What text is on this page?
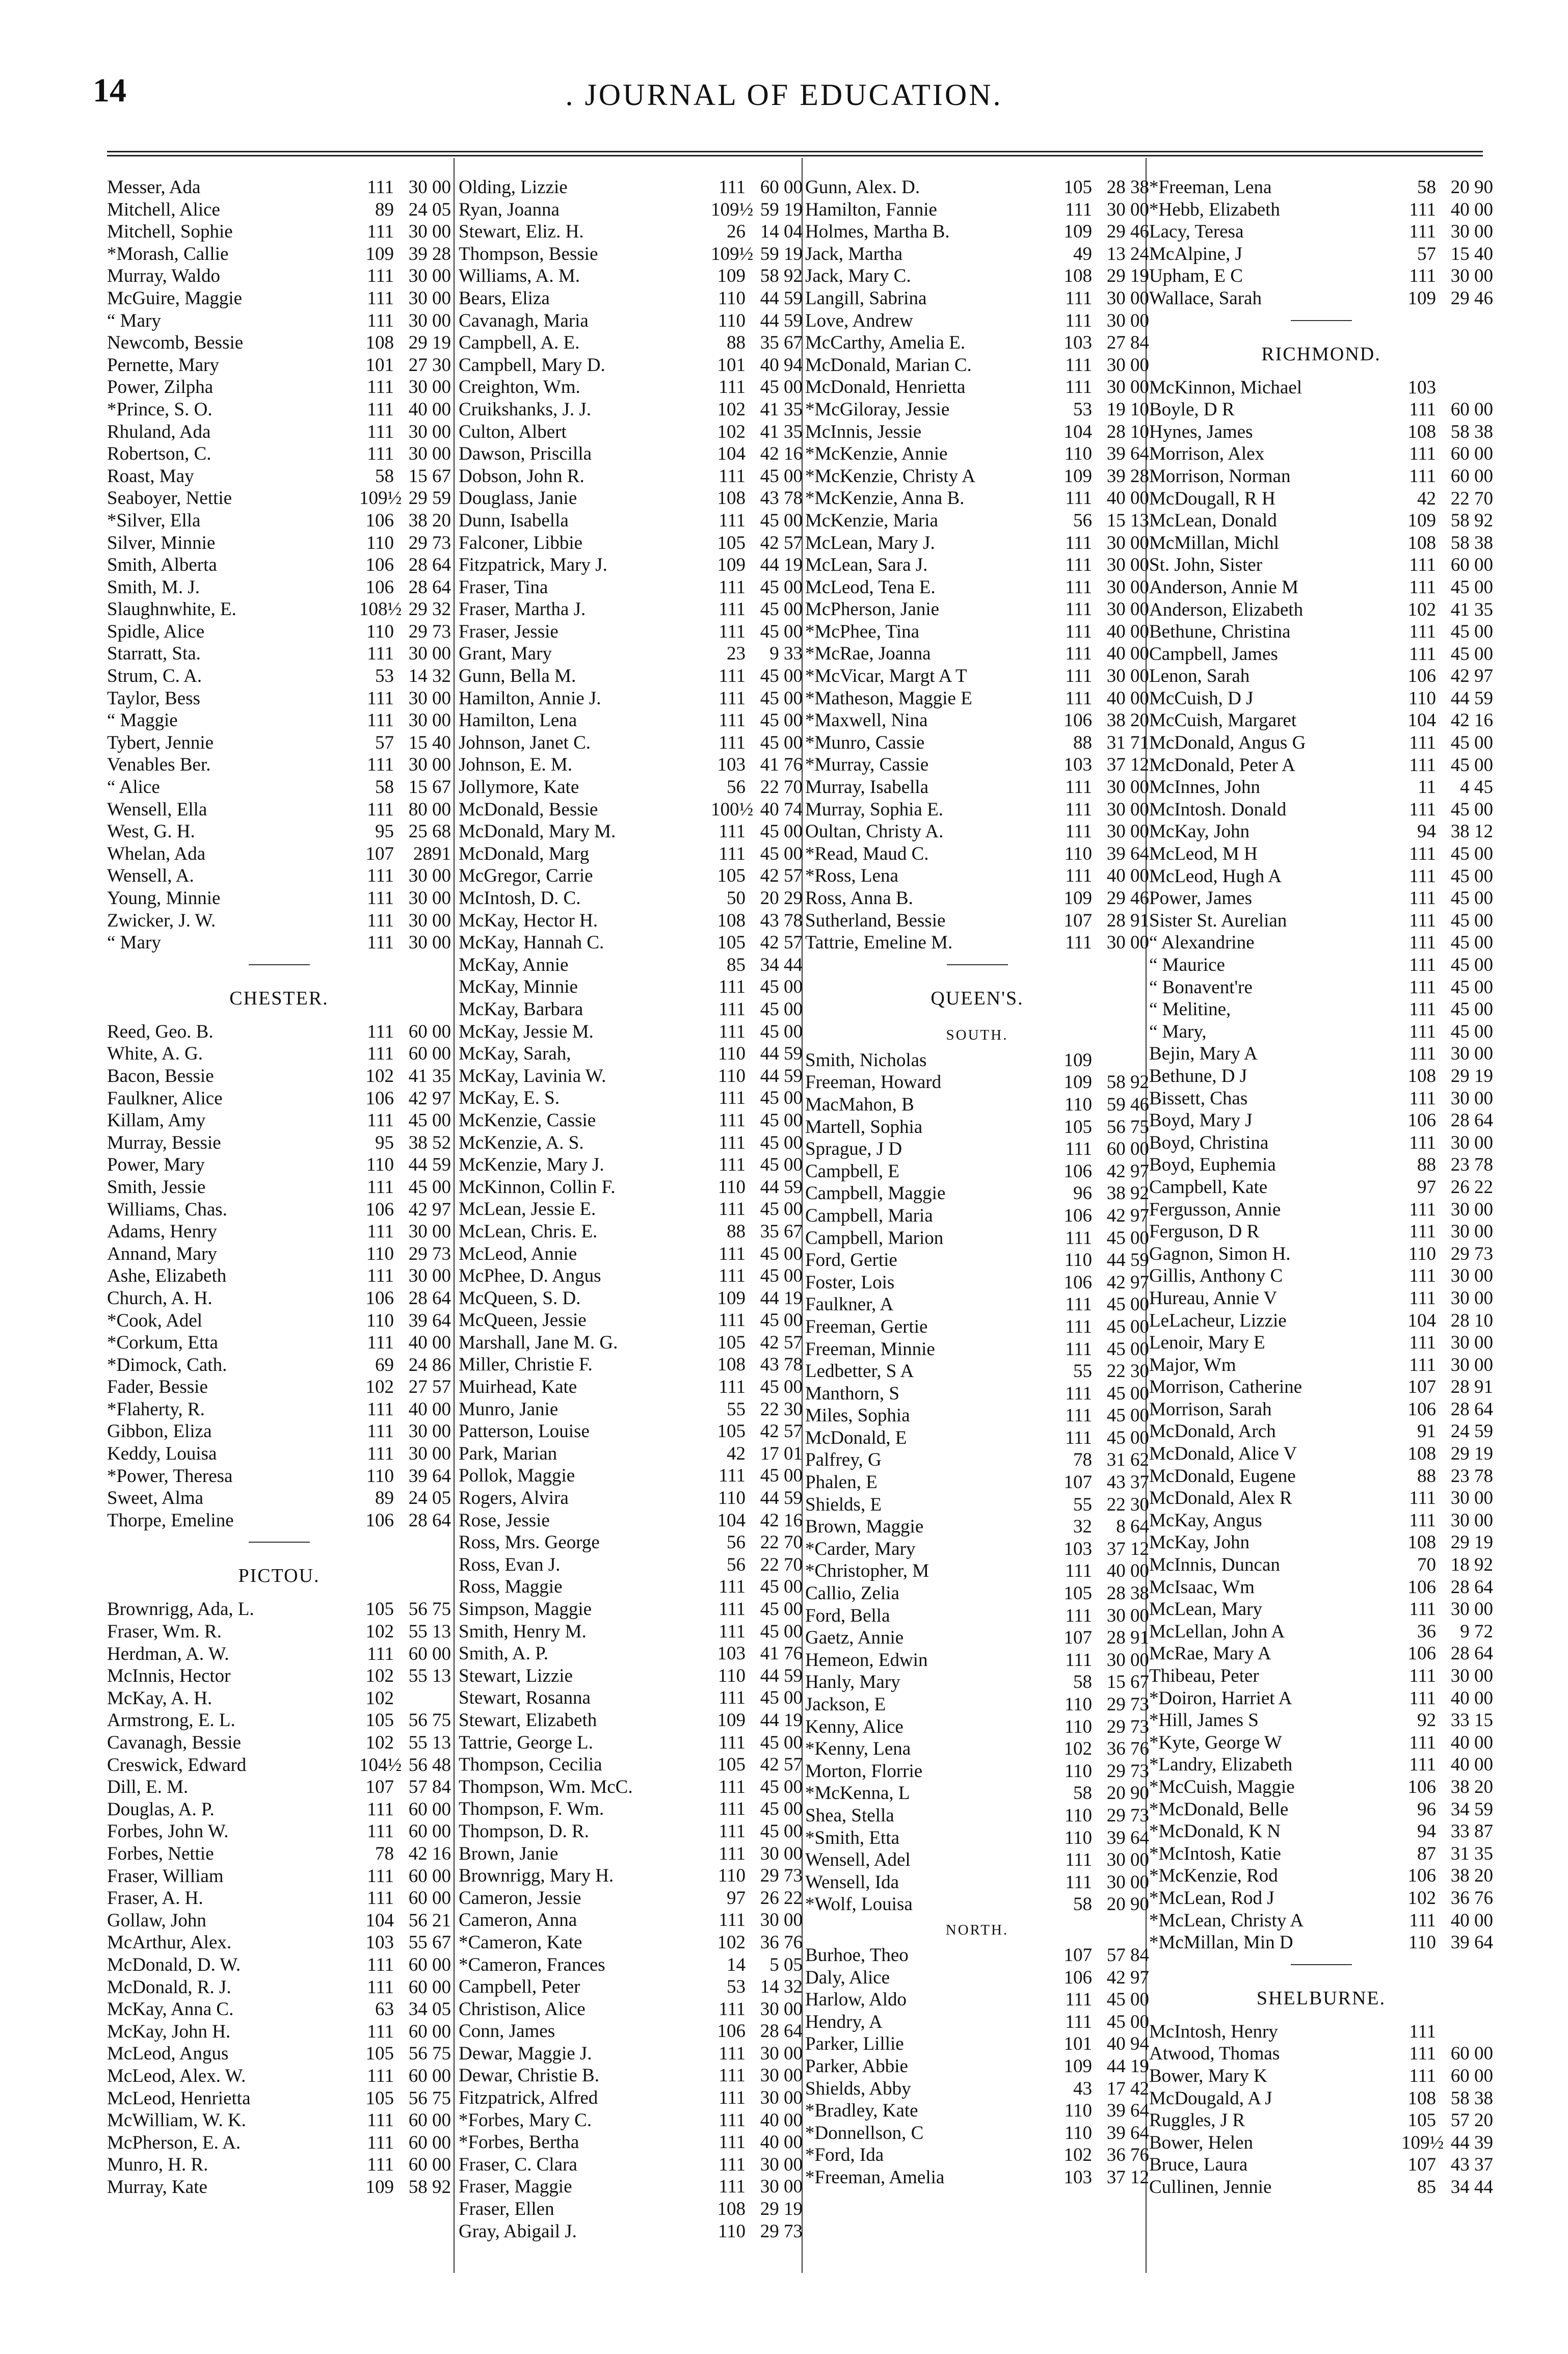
14	. JOURNAL OF EDUCATION.
Messer, Ada	111 30 00
Mitchell, Alice	89 24 05
Mitchell, Sophie	111 30 00
*Morash, Callie	109 39 28
Murray, Waldo	111 30 00
McGuire, Maggie	111 30 00
“ Mary	111 30 00
Newcomb, Bessie	108 29 19
Pernette, Mary	101 27 30
Power, Zilpha	111 30 00
*Prince, S. O.	111 40 00
Rhuland, Ada	111 30 00
Robertson, C.	111 30 00
Roast, May	58 15 67
Seaboyer, Nettie	109½ 29 59
*Silver, Ella	106 38 20
Silver, Minnie	110 29 73
Smith, Alberta	106 28 64
Smith, M. J.	106 28 64
Slaughnwhite, E.	108½ 29 32
Spidle, Alice	110 29 73
Starratt, Sta.	111 30 00
Strum, C. A.	53 14 32
Taylor, Bess	111 30 00
“ Maggie	111 30 00
Tybert, Jennie	57 15 40
Venables Ber.	111 30 00
“ Alice	58 15 67
Wensell, Ella	111 80 00
West, G. H.	95 25 68
Whelan, Ada	107	2891
Wensell, A.	111 30 00
Young, Minnie	111 30 00
Zwicker, J. W.	111 30 00
“ Mary	111 30 00
CHESTER.
Reed, Geo. B.	111 60 00
White, A. G.	111 60 00
Bacon, Bessie	102 41 35
Faulkner, Alice	106 42 97
Killam, Amy	111 45 00
Murray, Bessie	95 38 52
Power, Mary	110 44 59
Smith, Jessie	111 45 00
Williams, Chas.	106 42 97
Adams, Henry	111 30 00
Annand, Mary	110 29 73
Ashe, Elizabeth	111 30 00
Church, A. H.	106 28 64
*Cook, Adel	110 39 64
*Corkum, Etta	111 40 00
*Dimock, Cath.	69 24 86
Fader, Bessie	102 27 57
*Flaherty, R.	111 40 00
Gibbon, Eliza	111 30 00
Keddy, Louisa	111 30 00
*Power, Theresa	110 39 64
Sweet, Alma	89 24 05
Thorpe, Emeline	106 28 64
PICTOU.
Brownrigg, Ada, L.	105 56 75
Fraser, Wm. R.	102 55 13
Herdman, A. W.	111 60 00
McInnis, Hector	102 55 13
McKay, A. H.	102
Armstrong, E. L.	105 56 75
Cavanagh, Bessie	102 55 13
Creswick, Edward	104½ 56 48
Dill, E. M.	107 57 84
Douglas, A. P.	111 60 00
Forbes, John W.	111 60 00
Forbes, Nettie	78 42 16
Fraser, William	111 60 00
Fraser, A. H.	111 60 00
Gollaw, John	104 56 21
McArthur, Alex.	103 55 67
McDonald, D. W.	111 60 00
McDonald, R. J.	111 60 00
McKay, Anna C.	63 34 05
McKay, John H.	111 60 00
McLeod, Angus	105 56 75
McLeod, Alex. W.	111 60 00
McLeod, Henrietta	105 56 75
McWilliam, W. K.	111 60 00
McPherson, E. A.	111 60 00
Munro, H. R.	111 60 00
Murray, Kate	109 58 92
Olding, Lizzie	111 60 00
Ryan, Joanna	109½ 59 19
Stewart, Eliz. H.	26 14 04
Thompson, Bessie	109½ 59 19
Williams, A. M.	109 58 92
Bears, Eliza	110 44 59
Cavanagh, Maria	110 44 59
Campbell, A. E.	88 35 67
Campbell, Mary D.	101 40 94
Creighton, Wm.	111 45 00
Cruikshanks, J. J.	102 41 35
Culton, Albert	102 41 35
Dawson, Priscilla	104 42 16
Dobson, John R.	111 45 00
Douglass, Janie	108 43 78
Dunn, Isabella	111 45 00
Falconer, Libbie	105 42 57
Fitzpatrick, Mary J.	109 44 19
Fraser, Tina	111 45 00
Fraser, Martha J.	111 45 00
Fraser, Jessie	111 45 00
Grant, Mary	23	9 33
Gunn, Bella M.	111 45 00
Hamilton, Annie J.	111 45 00
Hamilton, Lena	111 45 00
Johnson, Janet C.	111 45 00
Johnson, E. M.	103 41 76
Jollymore, Kate	56 22 70
McDonald, Bessie	100½ 40 74
McDonald, Mary M.	111 45 00
McDonald, Marg	111 45 00
McGregor, Carrie	105 42 57
McIntosh, D. C.	50 20 29
McKay, Hector H.	108 43 78
McKay, Hannah C.	105 42 57
McKay, Annie	85 34 44
McKay, Minnie	111 45 00
McKay, Barbara	111 45 00
McKay, Jessie M.	111 45 00
McKay, Sarah,	110 44 59
McKay, Lavinia W.	110 44 59
McKay, E. S.	111 45 00
McKenzie, Cassie	111 45 00
McKenzie, A. S.	111 45 00
McKenzie, Mary J.	111 45 00
McKinnon, Collin F.	110 44 59
McLean, Jessie E.	111 45 00
McLean, Chris. E.	88 35 67
McLeod, Annie	111 45 00
McPhee, D. Angus	111 45 00
McQueen, S. D.	109 44 19
McQueen, Jessie	111 45 00
Marshall, Jane M. G.	105 42 57
Miller, Christie F.	108 43 78
Muirhead, Kate	111 45 00
Munro, Janie	55 22 30
Patterson, Louise	105 42 57
Park, Marian	42 17 01
Pollok, Maggie	111 45 00
Rogers, Alvira	110 44 59
Rose, Jessie	104 42 16
Ross, Mrs. George	56 22 70
Ross, Evan J.	56 22 70
Ross, Maggie	111 45 00
Simpson, Maggie	111 45 00
Smith, Henry M.	111 45 00
Smith, A. P.	103 41 76
Stewart, Lizzie	110 44 59
Stewart, Rosanna	111 45 00
Stewart, Elizabeth	109 44 19
Tattrie, George L.	111 45 00
Thompson, Cecilia	105 42 57
Thompson, Wm. McC.	111 45 00
Thompson, F. Wm.	111 45 00
Thompson, D. R.	111 45 00
Brown, Janie	111 30 00
Brownrigg, Mary H.	110 29 73
Cameron, Jessie	97 26 22
Cameron, Anna	111 30 00
*Cameron, Kate	102 36 76
*Cameron, Frances	14	5 05
Campbell, Peter	53 14 32
Christison, Alice	111 30 00
Conn, James	106 28 64
Dewar, Maggie J.	111 30 00
Dewar, Christie B.	111 30 00
Fitzpatrick, Alfred	111 30 00
*Forbes, Mary C.	111 40 00
*Forbes, Bertha	111 40 00
Fraser, C. Clara	111 30 00
Fraser, Maggie	111 30 00
Fraser, Ellen	108 29 19
Gray, Abigail J.	110 29 73
Gunn, Alex. D.	105 28 38
Hamilton, Fannie	111 30 00
Holmes, Martha B.	109 29 46
Jack, Martha	49 13 24
Jack, Mary C.	108 29 19
Langill, Sabrina	111 30 00
Love, Andrew	111 30 00
McCarthy, Amelia E.	103 27 84
McDonald, Marian C.	111 30 00
McDonald, Henrietta	111 30 00
*McGiloray, Jessie	53 19 10
McInnis, Jessie	104 28 10
*McKenzie, Annie	110 39 64
*McKenzie, Christy A	109 39 28
*McKenzie, Anna B.	111 40 00
McKenzie, Maria	56 15 13
McLean, Mary J.	111 30 00
McLean, Sara J.	111 30 00
McLeod, Tena E.	111 30 00
McPherson, Janie	111 30 00
*McPhee, Tina	111 40 00
*McRae, Joanna	111 40 00
*McVicar, Margt A T	111 30 00
*Matheson, Maggie E	111 40 00
*Maxwell, Nina	106 38 20
*Munro, Cassie	88 31 71
*Murray, Cassie	103 37 12
Murray, Isabella	111 30 00
Murray, Sophia E.	111 30 00
Oultan, Christy A.	111 30 00
*Read, Maud C.	110 39 64
*Ross, Lena	111 40 00
Ross, Anna B.	109 29 46
Sutherland, Bessie	107 28 91
Tattrie, Emeline M.	111 30 00
QUEEN'S.
SOUTH.
Smith, Nicholas	109
Freeman, Howard	109 58 92
MacMahon, B	110 59 46
Martell, Sophia	105 56 75
Sprague, J D	111 60 00
Campbell, E	106 42 97
Campbell, Maggie	96 38 92
Campbell, Maria	106 42 97
Campbell, Marion	111 45 00
Ford, Gertie	110 44 59
Foster, Lois	106 42 97
Faulkner, A	111 45 00
Freeman, Gertie	111 45 00
Freeman, Minnie	111 45 00
Ledbetter, S A	55 22 30
Manthorn, S	111 45 00
Miles, Sophia	111 45 00
McDonald, E	111 45 00
Palfrey, G	78 31 62
Phalen, E	107 43 37
Shields, E	55 22 30
Brown, Maggie	32	8 64
*Carder, Mary	103 37 12
*Christopher, M	111 40 00
Callio, Zelia	105 28 38
Ford, Bella	111 30 00
Gaetz, Annie	107 28 91
Hemeon, Edwin	111 30 00
Hanly, Mary	58 15 67
Jackson, E	110 29 73
Kenny, Alice	110 29 73
*Kenny, Lena	102 36 76
Morton, Florrie	110 29 73
*McKenna, L	58 20 90
Shea, Stella	110 29 73
*Smith, Etta	110 39 64
Wensell, Adel	111 30 00
Wensell, Ida	111 30 00
*Wolf, Louisa	58 20 90
NORTH.
Burhoe, Theo	107 57 84
Daly, Alice	106 42 97
Harlow, Aldo	111 45 00
Hendry, A	111 45 00
Parker, Lillie	101 40 94
Parker, Abbie	109 44 19
Shields, Abby	43 17 42
*Bradley, Kate	110 39 64
*Donnellson, C	110 39 64
*Ford, Ida	102 36 76
*Freeman, Amelia	103 37 12
*Freeman, Lena	58 20 90
*Hebb, Elizabeth	111 40 00
Lacy, Teresa	111 30 00
McAlpine, J	57 15 40
Upham, E C	111 30 00
Wallace, Sarah	109 29 46
RICHMOND.
McKinnon, Michael	103
Boyle, D R	111 60 00
Hynes, James	108 58 38
Morrison, Alex	111 60 00
Morrison, Norman	111 60 00
McDougall, R H	42 22 70
McLean, Donald	109 58 92
McMillan, Michl	108 58 38
St. John, Sister	111 60 00
Anderson, Annie M	111 45 00
Anderson, Elizabeth	102 41 35
Bethune, Christina	111 45 00
Campbell, James	111 45 00
Lenon, Sarah	106 42 97
McCuish, D J	110 44 59
McCuish, Margaret	104 42 16
McDonald, Angus G	111 45 00
McDonald, Peter A	111 45 00
McInnes, John	11	4 45
McIntosh. Donald	111 45 00
McKay, John	94 38 12
McLeod, M H	111 45 00
McLeod, Hugh A	111 45 00
Power, James	111 45 00
Sister St. Aurelian	111 45 00
“ Alexandrine	111 45 00
“ Maurice	111 45 00
“ Bonavent're	111 45 00
“ Melitine,	111 45 00
“ Mary,	111 45 00
Bejin, Mary A	111 30 00
Bethune, D J	108 29 19
Bissett, Chas	111 30 00
Boyd, Mary J	106 28 64
Boyd, Christina	111 30 00
Boyd, Euphemia	88 23 78
Campbell, Kate	97 26 22
Fergusson, Annie	111 30 00
Ferguson, D R	111 30 00
Gagnon, Simon H.	110 29 73
Gillis, Anthony C	111 30 00
Hureau, Annie V	111 30 00
LeLacheur, Lizzie	104 28 10
Lenoir, Mary E	111 30 00
Major, Wm	111 30 00
Morrison, Catherine	107 28 91
Morrison, Sarah	106 28 64
McDonald, Arch	91 24 59
McDonald, Alice V	108 29 19
McDonald, Eugene	88 23 78
McDonald, Alex R	111 30 00
McKay, Angus	111 30 00
McKay, John	108 29 19
McInnis, Duncan	70 18 92
McIsaac, Wm	106 28 64
McLean, Mary	111 30 00
McLellan, John A	36	9 72
McRae, Mary A	106 28 64
Thibeau, Peter	111 30 00
*Doiron, Harriet A	111 40 00
*Hill, James S	92 33 15
*Kyte, George W	111 40 00
*Landry, Elizabeth	111 40 00
*McCuish, Maggie	106 38 20
*McDonald, Belle	96 34 59
*McDonald, K N	94 33 87
*McIntosh, Katie	87 31 35
*McKenzie, Rod	106 38 20
*McLean, Rod J	102 36 76
*McLean, Christy A	111 40 00
*McMillan, Min D	110 39 64
SHELBURNE.
McIntosh, Henry	111
Atwood, Thomas	111 60 00
Bower, Mary K	111 60 00
McDougald, A J	108 58 38
Ruggles, J R	105 57 20
Bower, Helen	109½ 44 39
Bruce, Laura	107 43 37
Cullinen, Jennie	85 34 44
